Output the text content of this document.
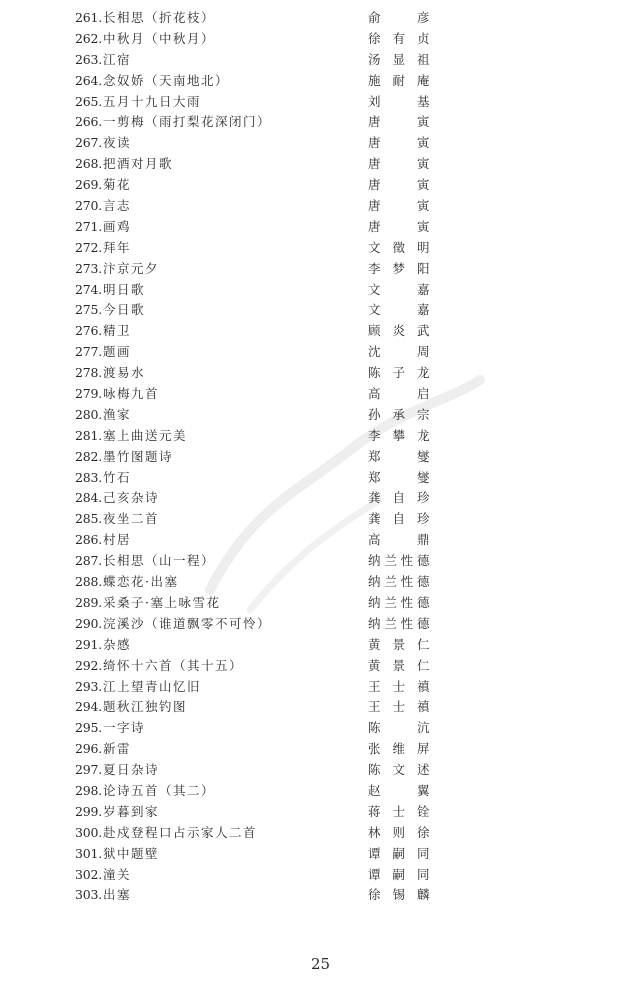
261. 长相思（折花枝）	俞彦
262. 中秋月（中秋月）	徐有贞
263. 江宿	汤显祖
264. 念奴娇（天南地北）	施耐庵
265. 五月十九日大雨	刘基
266. 一剪梅（雨打梨花深闭门）	唐寅
267. 夜读	唐寅
268. 把酒对月歌	唐寅
269. 菊花	唐寅
270. 言志	唐寅
271. 画鸡	唐寅
272. 拜年	文徵明
273. 汴京元夕	李梦阳
274. 明日歌	文嘉
275. 今日歌	文嘉
276. 精卫	顾炎武
277. 题画	沈周
278. 渡易水	陈子龙
279. 咏梅九首	高启
280. 渔家	孙承宗
281. 塞上曲送元美	李攀龙
282. 墨竹图题诗	郑燮
283. 竹石	郑燮
284. 己亥杂诗	龚自珍
285. 夜坐二首	龚自珍
286. 村居	高鼎
287. 长相思（山一程）	纳兰性德
288. 蝶恋花·出塞	纳兰性德
289. 采桑子·塞上咏雪花	纳兰性德
290. 浣溪沙（谁道飘零不可怜）	纳兰性德
291. 杂感	黄景仁
292. 绮怀十六首（其十五）	黄景仁
293. 江上望青山忆旧	王士禛
294. 题秋江独钓图	王士禛
295. 一字诗	陈沆
296. 新雷	张维屏
297. 夏日杂诗	陈文述
298. 论诗五首（其二）	赵翼
299. 岁暮到家	蒋士铨
300. 赴戍登程口占示家人二首	林则徐
301. 狱中题壁	谭嗣同
302. 潼关	谭嗣同
303. 出塞	徐锡麟
25
